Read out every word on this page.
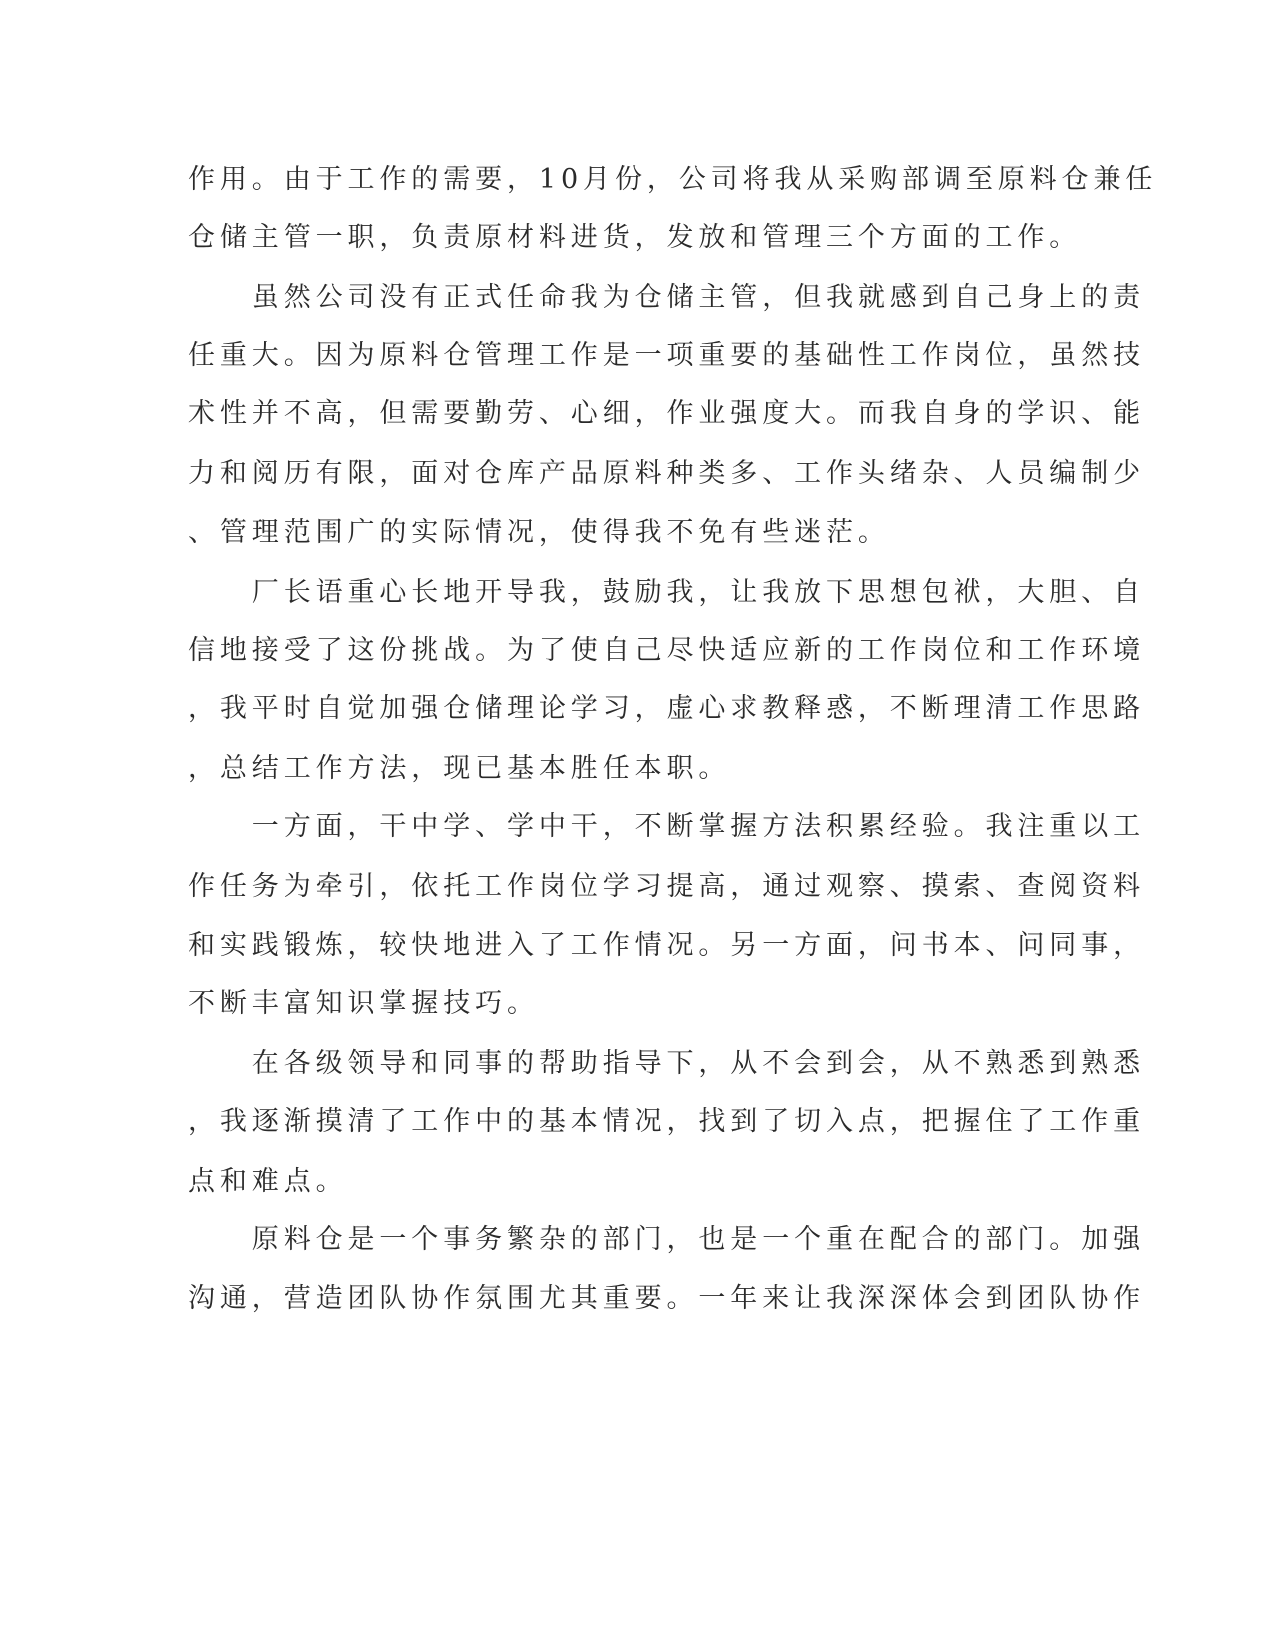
作用。由于工作的需要，10月份，公司将我从采购部调至原料仓兼任
仓储主管一职，负责原材料进货，发放和管理三个方面的工作。
　　虽然公司没有正式任命我为仓储主管，但我就感到自己身上的责
任重大。因为原料仓管理工作是一项重要的基础性工作岗位，虽然技
术性并不高，但需要勤劳、心细，作业强度大。而我自身的学识、能
力和阅历有限，面对仓库产品原料种类多、工作头绪杂、人员编制少
、管理范围广的实际情况，使得我不免有些迷茫。
　　厂长语重心长地开导我，鼓励我，让我放下思想包袱，大胆、自
信地接受了这份挑战。为了使自己尽快适应新的工作岗位和工作环境
，我平时自觉加强仓储理论学习，虚心求教释惑，不断理清工作思路
，总结工作方法，现已基本胜任本职。
　　一方面，干中学、学中干，不断掌握方法积累经验。我注重以工
作任务为牵引，依托工作岗位学习提高，通过观察、摸索、查阅资料
和实践锻炼，较快地进入了工作情况。另一方面，问书本、问同事，
不断丰富知识掌握技巧。
　　在各级领导和同事的帮助指导下，从不会到会，从不熟悉到熟悉
，我逐渐摸清了工作中的基本情况，找到了切入点，把握住了工作重
点和难点。
　　原料仓是一个事务繁杂的部门，也是一个重在配合的部门。加强
沟通，营造团队协作氛围尤其重要。一年来让我深深体会到团队协作
